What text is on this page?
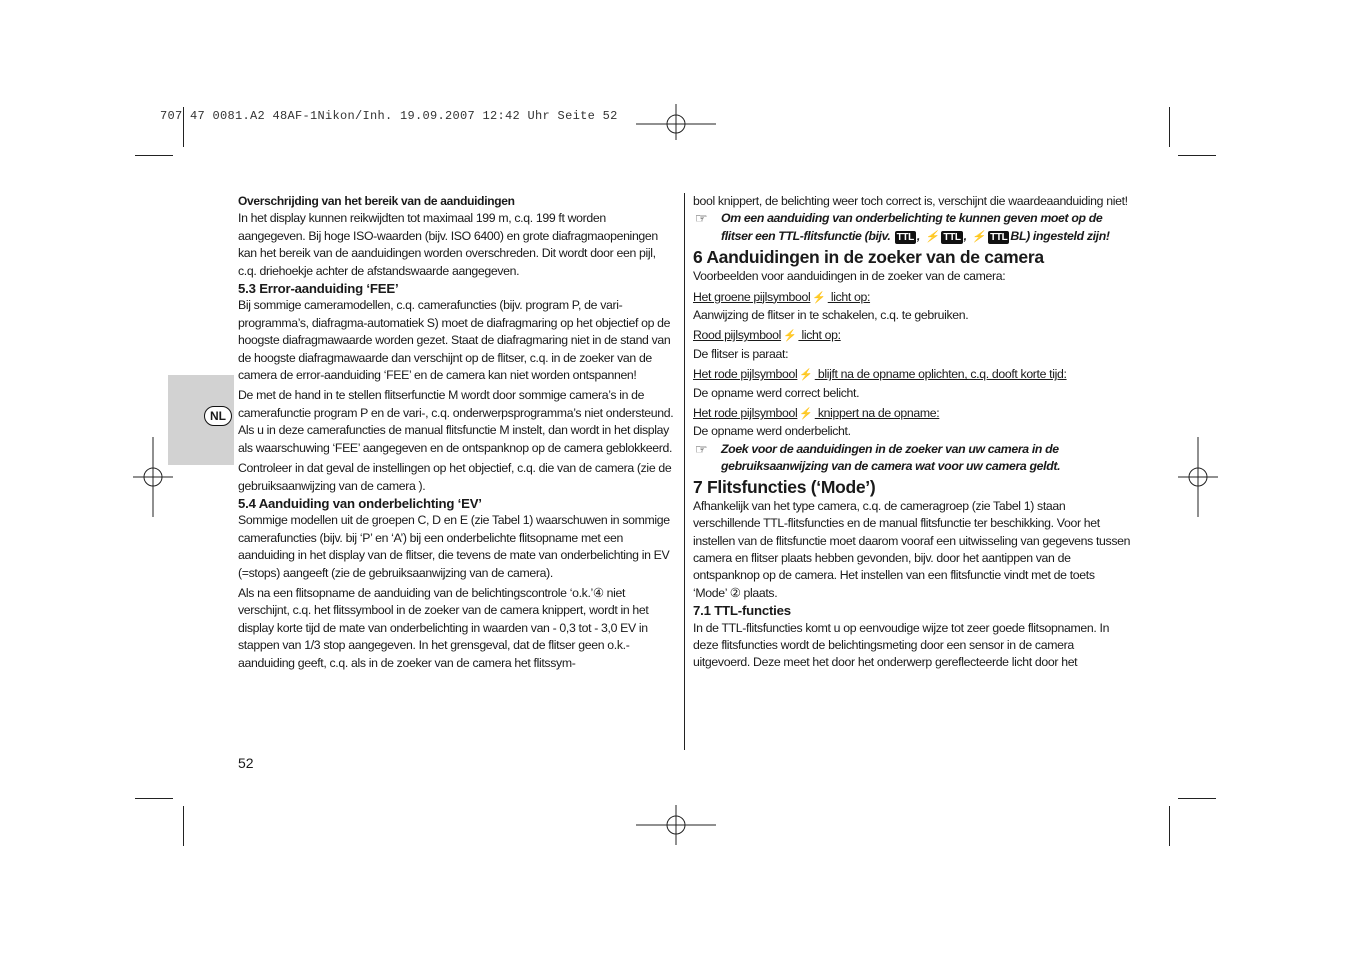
707 47 0081.A2 48AF-1Nikon/Inh. 19.09.2007 12:42 Uhr Seite 52
NL

Overschrijding van het bereik van de aanduidingen

In het display kunnen reikwijdten tot maximaal 199 m, c.q. 199 ft worden aangegeven. Bij hoge ISO-waarden (bijv. ISO 6400) en grote diafragmaopeningen kan het bereik van de aanduidingen worden overschreden. Dit wordt door een pijl, c.q. driehoekje achter de afstandswaarde aangegeven.

5.3 Error-aanduiding ‘FEE’

Bij sommige cameramodellen, c.q. camerafuncties (bijv. program P, de vari-programma’s, diafragma-automatiek S) moet de diafragmaring op het objectief op de hoogste diafragmawaarde worden gezet. Staat de diafragmaring niet in de stand van de hoogste diafragmawaarde dan verschijnt op de flitser, c.q. in de zoeker van de camera de error-aanduiding ‘FEE’ en de camera kan niet worden ontspannen!

De met de hand in te stellen flitserfunctie M wordt door sommige camera’s in de camerafunctie program P en de vari-, c.q. onderwerpsprogramma’s niet ondersteund. Als u in deze camerafuncties de manual flitsfunctie M instelt, dan wordt in het display als waarschuwing ‘FEE’ aangegeven en de ontspanknop op de camera geblokkeerd.

Controleer in dat geval de instellingen op het objectief, c.q. die van de camera (zie de gebruiksaanwijzing van de camera ).

5.4 Aanduiding van onderbelichting ‘EV’

Sommige modellen uit de groepen C, D en E (zie Tabel 1) waarschuwen in sommige camerafuncties (bijv. bij ‘P’ en ‘A’) bij een onderbelichte flitsopname met een aanduiding in het display van de flitser, die tevens de mate van onderbelichting in EV (=stops) aangeeft (zie de gebruiksaanwijzing van de camera).

Als na een flitsopname de aanduiding van de belichtingscontrole ‘o.k.’④ niet verschijnt, c.q. het flitssymbool in de zoeker van de camera knippert, wordt in het display korte tijd de mate van onderbelichting in waarden van - 0,3 tot - 3,0 EV in stappen van 1/3 stop aangegeven. In het grensgeval, dat de flitser geen o.k.-aanduiding geeft, c.q. als in de zoeker van de camera het flitssym-

bool knippert, de belichting weer toch correct is, verschijnt die waardeaanduiding niet!

☞ Om een aanduiding van onderbelichting te kunnen geven moet op de flitser een TTL-flitsfunctie (bijv. TTL , ⚡ TTL , ⚡ TTL BL) ingesteld zijn!

6 Aanduidingen in de zoeker van de camera

Voorbeelden voor aanduidingen in de zoeker van de camera:

Het groene pijlsymbool ⚡ licht op:

Aanwijzing de flitser in te schakelen, c.q. te gebruiken.

Rood pijlsymbool ⚡ licht op:

De flitser is paraat:

Het rode pijlsymbool ⚡ blijft na de opname oplichten, c.q. dooft korte tijd:

De opname werd correct belicht.

Het rode pijlsymbool ⚡ knippert na de opname:

De opname werd onderbelicht.

☞ Zoek voor de aanduidingen in de zoeker van uw camera in de gebruiksaanwijzing van de camera wat voor uw camera geldt.

7 Flitsfuncties (‘Mode’)

Afhankelijk van het type camera, c.q. de cameragroep (zie Tabel 1) staan verschillende TTL-flitsfuncties en de manual flitsfunctie ter beschikking. Voor het instellen van de flitsfunctie moet daarom vooraf een uitwisseling van gegevens tussen camera en flitser plaats hebben gevonden, bijv. door het aantippen van de ontspanknop op de camera. Het instellen van een flitsfunctie vindt met de toets ‘Mode’ ② plaats.

7.1 TTL-functies

In de TTL-flitsfuncties komt u op eenvoudige wijze tot zeer goede flitsopnamen. In deze flitsfuncties wordt de belichtingsmeting door een sensor in de camera uitgevoerd. Deze meet het door het onderwerp gereflecteerde licht door het

52
